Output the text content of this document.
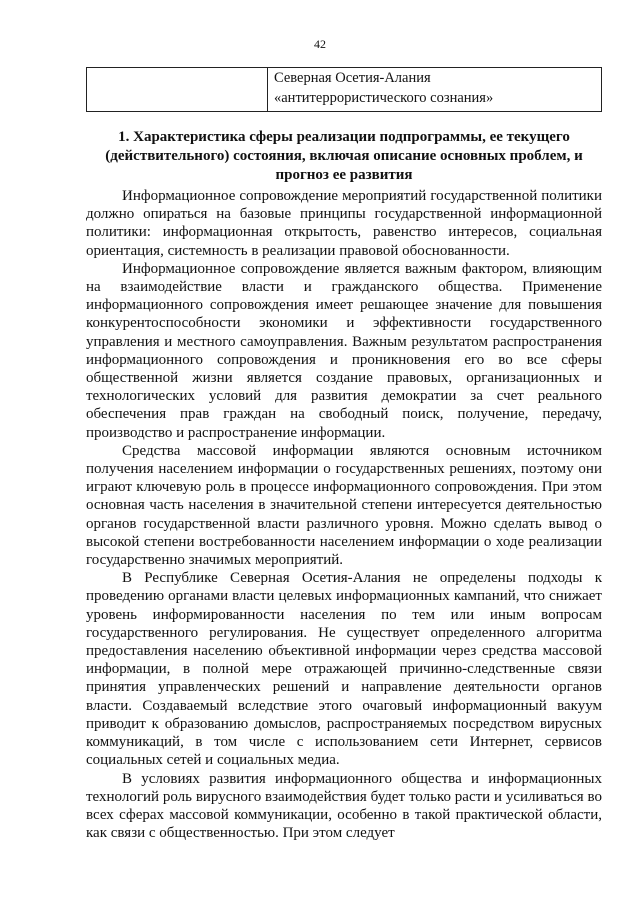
42

Северная Осетия-Алания
«антитеррористического сознания»
1. Характеристика сферы реализации подпрограммы, ее текущего
(действительного) состояния, включая описание основных проблем, и
прогноз ее развития

Информационное сопровождение мероприятий государственной политики должно опираться на базовые принципы государственной информационной политики: информационная открытость, равенство интересов, социальная ориентация, системность в реализации правовой обоснованности.

Информационное сопровождение является важным фактором, влияющим на взаимодействие власти и гражданского общества. Применение информационного сопровождения имеет решающее значение для повышения конкурентоспособности экономики и эффективности государственного управления и местного самоуправления. Важным результатом распространения информационного сопровождения и проникновения его во все сферы общественной жизни является создание правовых, организационных и технологических условий для развития демократии за счет реального обеспечения прав граждан на свободный поиск, получение, передачу, производство и распространение информации.

Средства массовой информации являются основным источником получения населением информации о государственных решениях, поэтому они играют ключевую роль в процессе информационного сопровождения. При этом основная часть населения в значительной степени интересуется деятельностью органов государственной власти различного уровня. Можно сделать вывод о высокой степени востребованности населением информации о ходе реализации государственно значимых мероприятий.

В Республике Северная Осетия-Алания не определены подходы к проведению органами власти целевых информационных кампаний, что снижает уровень информированности населения по тем или иным вопросам государственного регулирования. Не существует определенного алгоритма предоставления населению объективной информации через средства массовой информации, в полной мере отражающей причинно-следственные связи принятия управленческих решений и направление деятельности органов власти. Создаваемый вследствие этого очаговый информационный вакуум приводит к образованию домыслов, распространяемых посредством вирусных коммуникаций, в том числе с использованием сети Интернет, сервисов социальных сетей и социальных медиа.

В условиях развития информационного общества и информационных технологий роль вирусного взаимодействия будет только расти и усиливаться во всех сферах массовой коммуникации, особенно в такой практической области, как связи с общественностью. При этом следует
